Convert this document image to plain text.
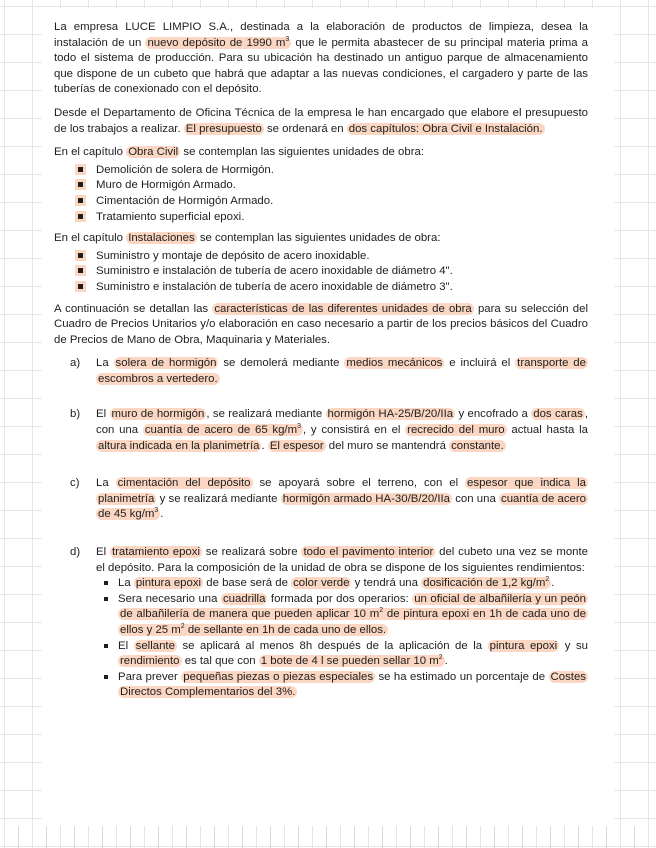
La empresa LUCE LIMPIO S.A., destinada a la elaboración de productos de limpieza, desea la instalación de un nuevo depósito de 1990 $m^3$ que le permita abastecer de su principal materia prima a todo el sistema de producción. Para su ubicación ha destinado un antiguo parque de almacenamiento que dispone de un cubeto que habrá que adaptar a las nuevas condiciones, el cargadero y parte de las tuberías de conexionado con el depósito.

Desde el Departamento de Oficina Técnica de la empresa le han encargado que elabore el presupuesto de los trabajos a realizar. El presupuesto se ordenará en dos capítulos: Obra Civil e Instalación.

En el capítulo Obra Civil se contemplan las siguientes unidades de obra:

Demolición de solera de Hormigón.
Muro de Hormigón Armado.
Cimentación de Hormigón Armado.
Tratamiento superficial epoxi.

En el capítulo Instalaciones se contemplan las siguientes unidades de obra:

Suministro y montaje de depósito de acero inoxidable.
Suministro e instalación de tubería de acero inoxidable de diámetro 4".
Suministro e instalación de tubería de acero inoxidable de diámetro 3".

A continuación se detallan las características de las diferentes unidades de obra para su selección del Cuadro de Precios Unitarios y/o elaboración en caso necesario a partir de los precios básicos del Cuadro de Precios de Mano de Obra, Maquinaria y Materiales.

a) La solera de hormigón se demolerá mediante medios mecánicos e incluirá el transporte de escombros a vertedero.
b) El muro de hormigón , se realizará mediante hormigón HA-25/B/20/IIa y encofrado a dos caras , con una cuantía de acero de 65 $kg/m^3$ , y consistirá en el recrecido del muro actual hasta la altura indicada en la planimetría . El espesor del muro se mantendrá constante.
c) La cimentación del depósito se apoyará sobre el terreno, con el espesor que indica la planimetría y se realizará mediante hormigón armado HA-30/B/20/IIa con una cuantía de acero de 45 $kg/m^3$ .
d) El tratamiento epoxi se realizará sobre todo el pavimento interior del cubeto una vez se monte el depósito. Para la composición de la unidad de obra se dispone de los siguientes rendimientos:
La pintura epoxi de base será de color verde y tendrá una dosificación de 1,2 $kg/m^2$ .
Sera necesario una cuadrilla formada por dos operarios: un oficial de albañilería y un peón de albañilería de manera que pueden aplicar 10 $m^2$ de pintura epoxi en 1h de cada uno de ellos y 25 $m^2$ de sellante en 1h de cada uno de ellos.
El sellante se aplicará al menos 8h después de la aplicación de la pintura epoxi y su rendimiento es tal que con 1 bote de 4 l se pueden sellar 10 $m^2$ .
Para prever pequeñas piezas o piezas especiales se ha estimado un porcentaje de Costes Directos Complementarios del 3%.
